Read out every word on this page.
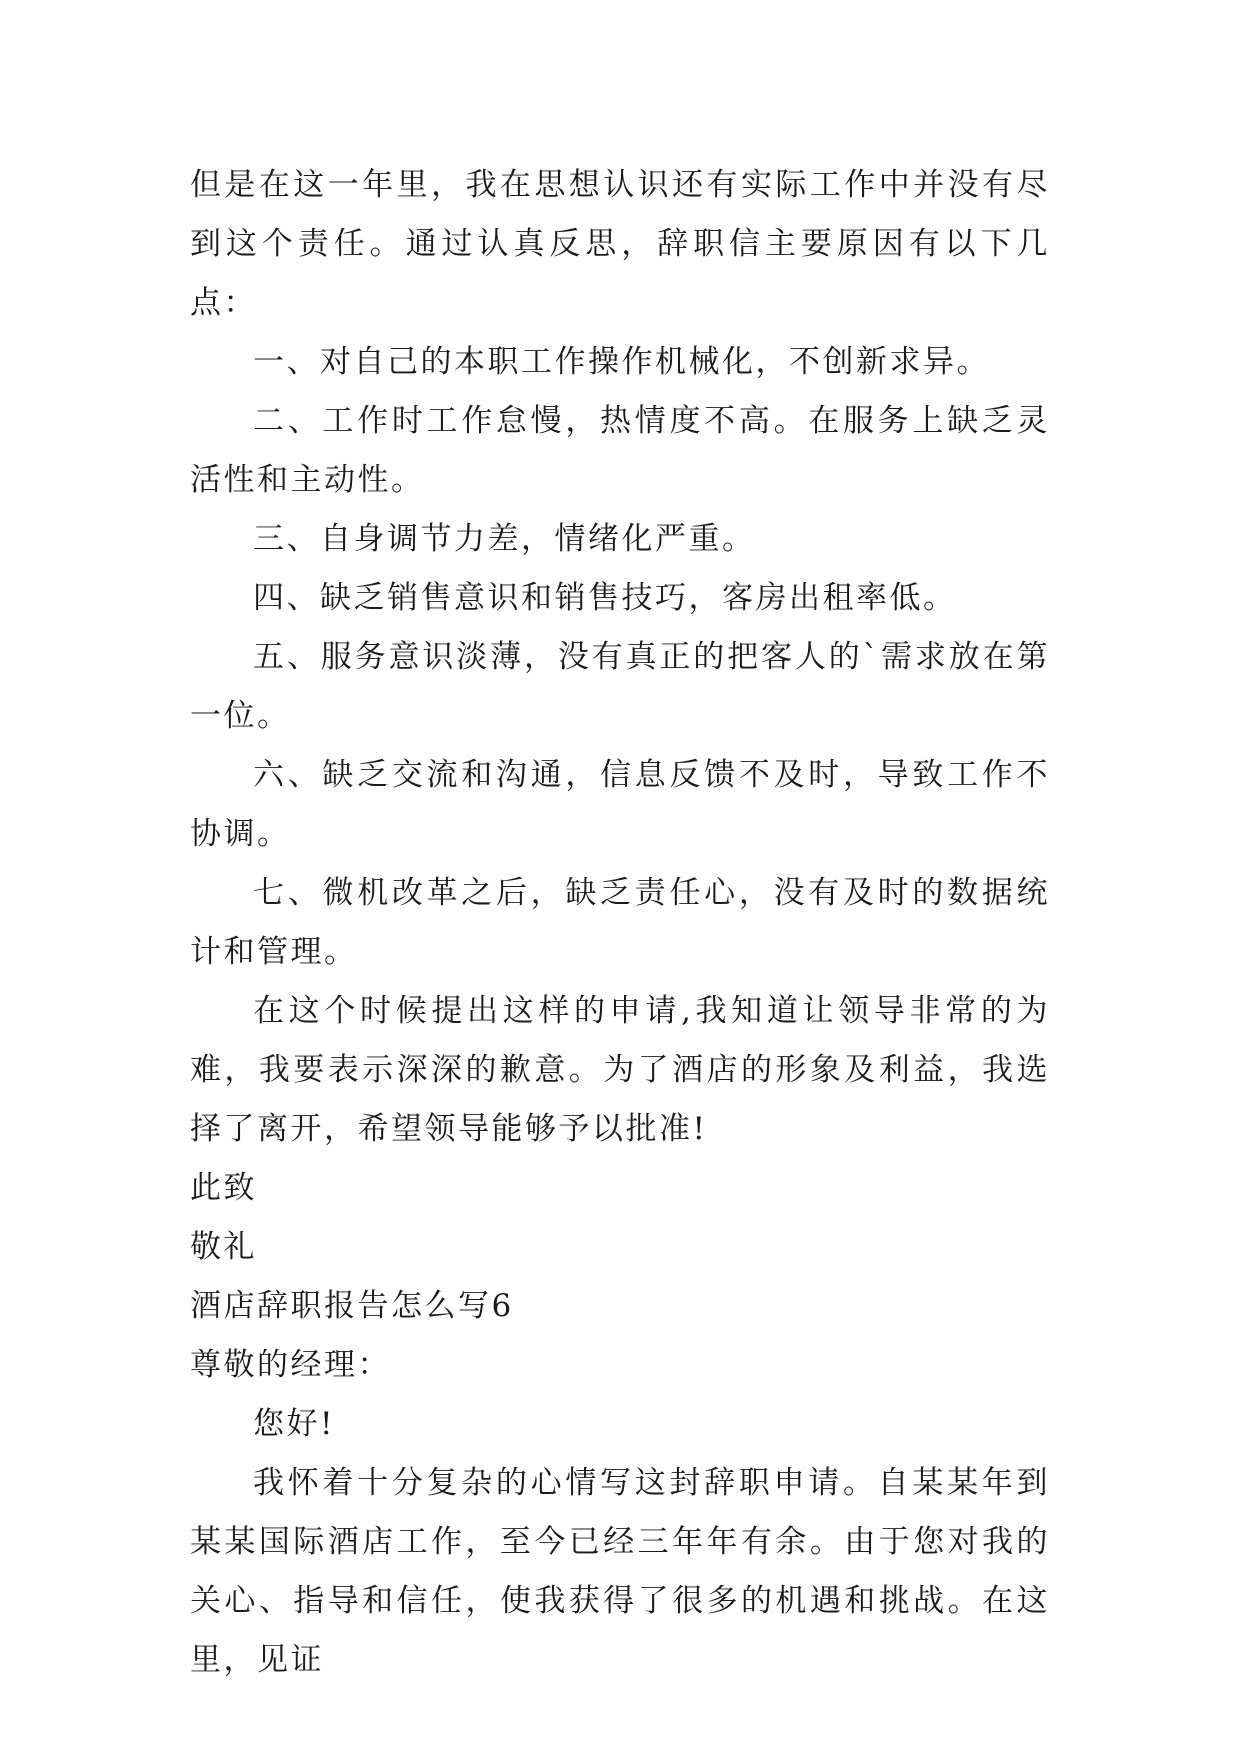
但是在这一年里，我在思想认识还有实际工作中并没有尽到这个责任。通过认真反思，辞职信主要原因有以下几点：

一、对自己的本职工作操作机械化，不创新求异。

二、工作时工作怠慢，热情度不高。在服务上缺乏灵活性和主动性。

三、自身调节力差，情绪化严重。

四、缺乏销售意识和销售技巧，客房出租率低。

五、服务意识淡薄，没有真正的把客人的`需求放在第一位。

六、缺乏交流和沟通，信息反馈不及时，导致工作不协调。

七、微机改革之后，缺乏责任心，没有及时的数据统计和管理。

在这个时候提出这样的申请,我知道让领导非常的为难，我要表示深深的歉意。为了酒店的形象及利益，我选择了离开，希望领导能够予以批准!

此致

敬礼

酒店辞职报告怎么写6

尊敬的经理：

您好!

我怀着十分复杂的心情写这封辞职申请。自某某年到某某国际酒店工作，至今已经三年年有余。由于您对我的关心、指导和信任，使我获得了很多的机遇和挑战。在这里，见证
